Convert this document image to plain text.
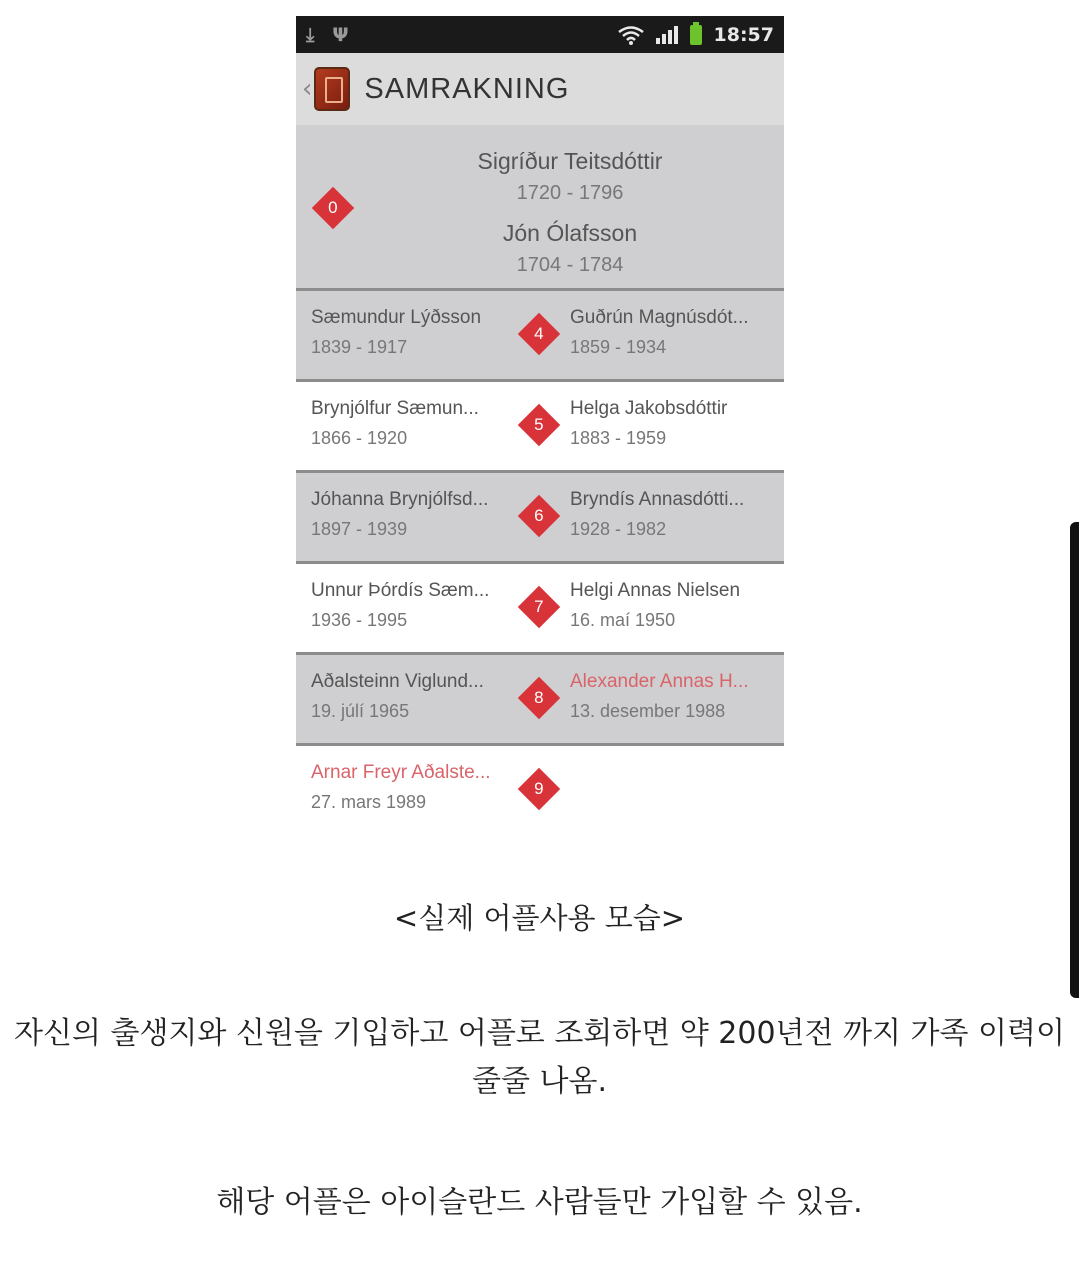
⤓ Ψ	18:57
‹ SAMRAKNING
0
Sigríður Teitsdóttir
1720 - 1796
Jón Ólafsson
1704 - 1784
Sæmundur Lýðsson
1839 - 1917
4
Guðrún Magnúsdót...
1859 - 1934
Brynjólfur Sæmun...
1866 - 1920
5
Helga Jakobsdóttir
1883 - 1959
Jóhanna Brynjólfsd...
1897 - 1939
6
Bryndís Annasdótti...
1928 - 1982
Unnur Þórdís Sæm...
1936 - 1995
7
Helgi Annas Nielsen
16. maí 1950
Aðalsteinn Viglund...
19. júlí 1965
8
Alexander Annas H...
13. desember 1988
Arnar Freyr Aðalste...
27. mars 1989
9
<실제 어플사용 모습>
자신의 출생지와 신원을 기입하고 어플로 조회하면 약 200년전 까지 가족 이력이 줄줄 나옴.
해당 어플은 아이슬란드 사람들만 가입할 수 있음.
